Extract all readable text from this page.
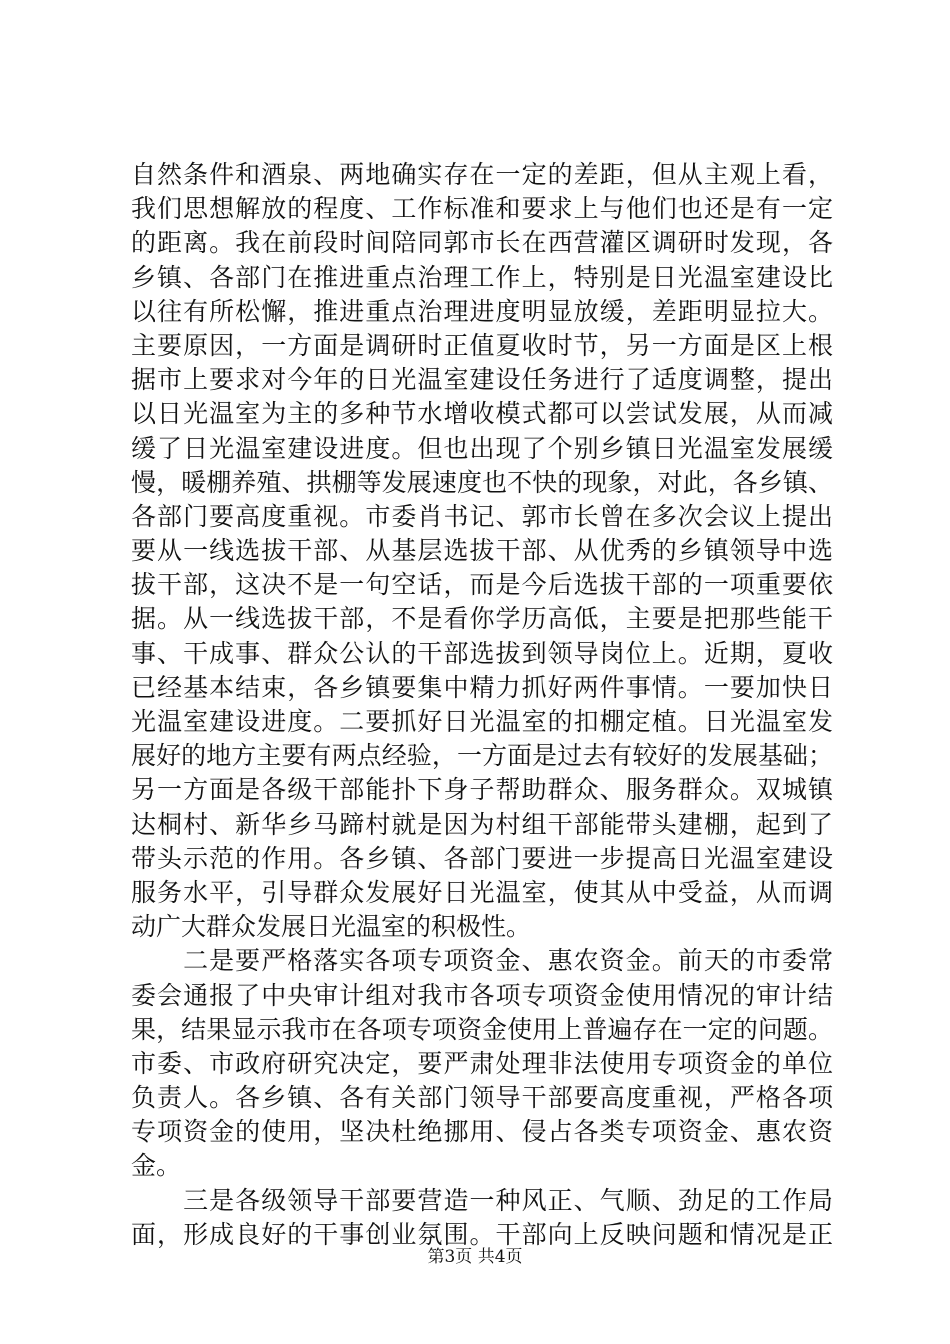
自然条件和酒泉、两地确实存在一定的差距，但从主观上看，
我们思想解放的程度、工作标准和要求上与他们也还是有一定
的距离。我在前段时间陪同郭市长在西营灌区调研时发现，各
乡镇、各部门在推进重点治理工作上，特别是日光温室建设比
以往有所松懈，推进重点治理进度明显放缓，差距明显拉大。
主要原因，一方面是调研时正值夏收时节，另一方面是区上根
据市上要求对今年的日光温室建设任务进行了适度调整，提出
以日光温室为主的多种节水增收模式都可以尝试发展，从而减
缓了日光温室建设进度。但也出现了个别乡镇日光温室发展缓
慢，暖棚养殖、拱棚等发展速度也不快的现象，对此，各乡镇、
各部门要高度重视。市委肖书记、郭市长曾在多次会议上提出
要从一线选拔干部、从基层选拔干部、从优秀的乡镇领导中选
拔干部，这决不是一句空话，而是今后选拔干部的一项重要依
据。从一线选拔干部，不是看你学历高低，主要是把那些能干
事、干成事、群众公认的干部选拔到领导岗位上。近期，夏收
已经基本结束，各乡镇要集中精力抓好两件事情。一要加快日
光温室建设进度。二要抓好日光温室的扣棚定植。日光温室发
展好的地方主要有两点经验，一方面是过去有较好的发展基础；
另一方面是各级干部能扑下身子帮助群众、服务群众。双城镇
达桐村、新华乡马蹄村就是因为村组干部能带头建棚，起到了
带头示范的作用。各乡镇、各部门要进一步提高日光温室建设
服务水平，引导群众发展好日光温室，使其从中受益，从而调
动广大群众发展日光温室的积极性。
　　二是要严格落实各项专项资金、惠农资金。前天的市委常
委会通报了中央审计组对我市各项专项资金使用情况的审计结
果，结果显示我市在各项专项资金使用上普遍存在一定的问题。
市委、市政府研究决定，要严肃处理非法使用专项资金的单位
负责人。各乡镇、各有关部门领导干部要高度重视，严格各项
专项资金的使用，坚决杜绝挪用、侵占各类专项资金、惠农资
金。
　　三是各级领导干部要营造一种风正、气顺、劲足的工作局
面，形成良好的干事创业氛围。干部向上反映问题和情况是正
第3页 共4页
